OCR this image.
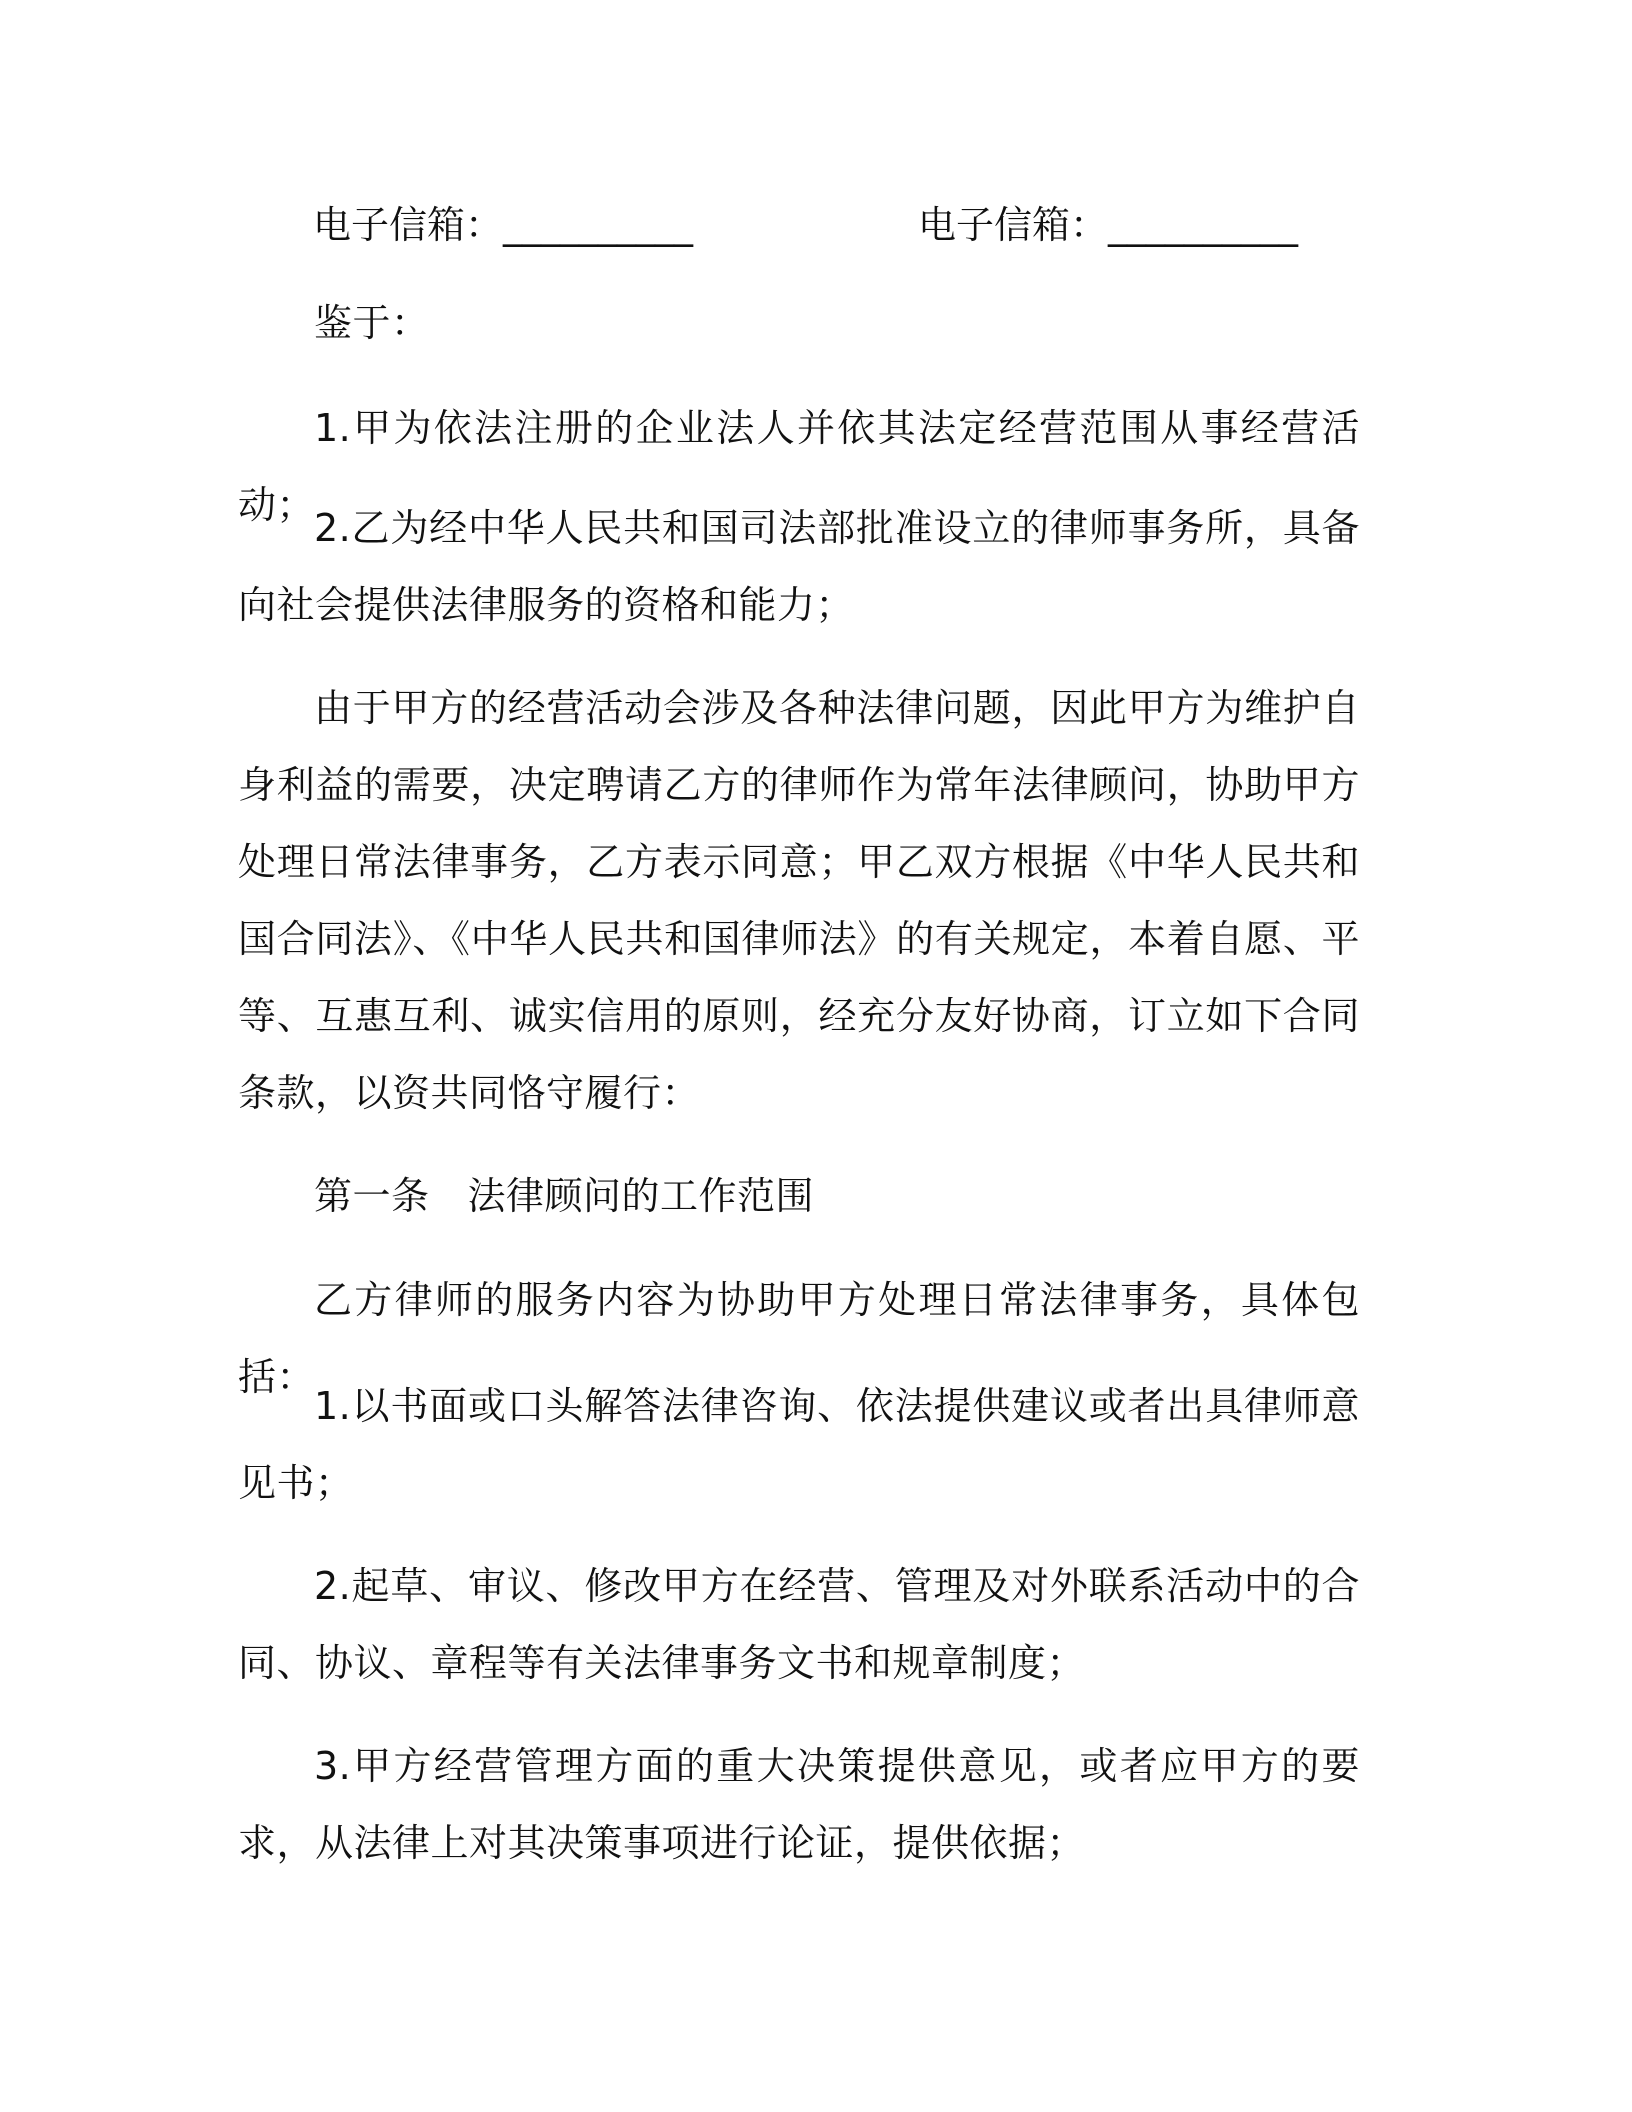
电子信箱：__________	电子信箱：__________

鉴于：

1.甲为依法注册的企业法人并依其法定经营范围从事经营活动；

2.乙为经中华人民共和国司法部批准设立的律师事务所，具备向社会提供法律服务的资格和能力；

由于甲方的经营活动会涉及各种法律问题，因此甲方为维护自身利益的需要，决定聘请乙方的律师作为常年法律顾问，协助甲方处理日常法律事务，乙方表示同意；甲乙双方根据《中华人民共和国合同法》、《中华人民共和国律师法》的有关规定，本着自愿、平等、互惠互利、诚实信用的原则，经充分友好协商，订立如下合同条款，以资共同恪守履行：

第一条 法律顾问的工作范围

乙方律师的服务内容为协助甲方处理日常法律事务，具体包括：

1.以书面或口头解答法律咨询、依法提供建议或者出具律师意见书；

2.起草、审议、修改甲方在经营、管理及对外联系活动中的合同、协议、章程等有关法律事务文书和规章制度；

3.甲方经营管理方面的重大决策提供意见，或者应甲方的要求，从法律上对其决策事项进行论证，提供依据；
